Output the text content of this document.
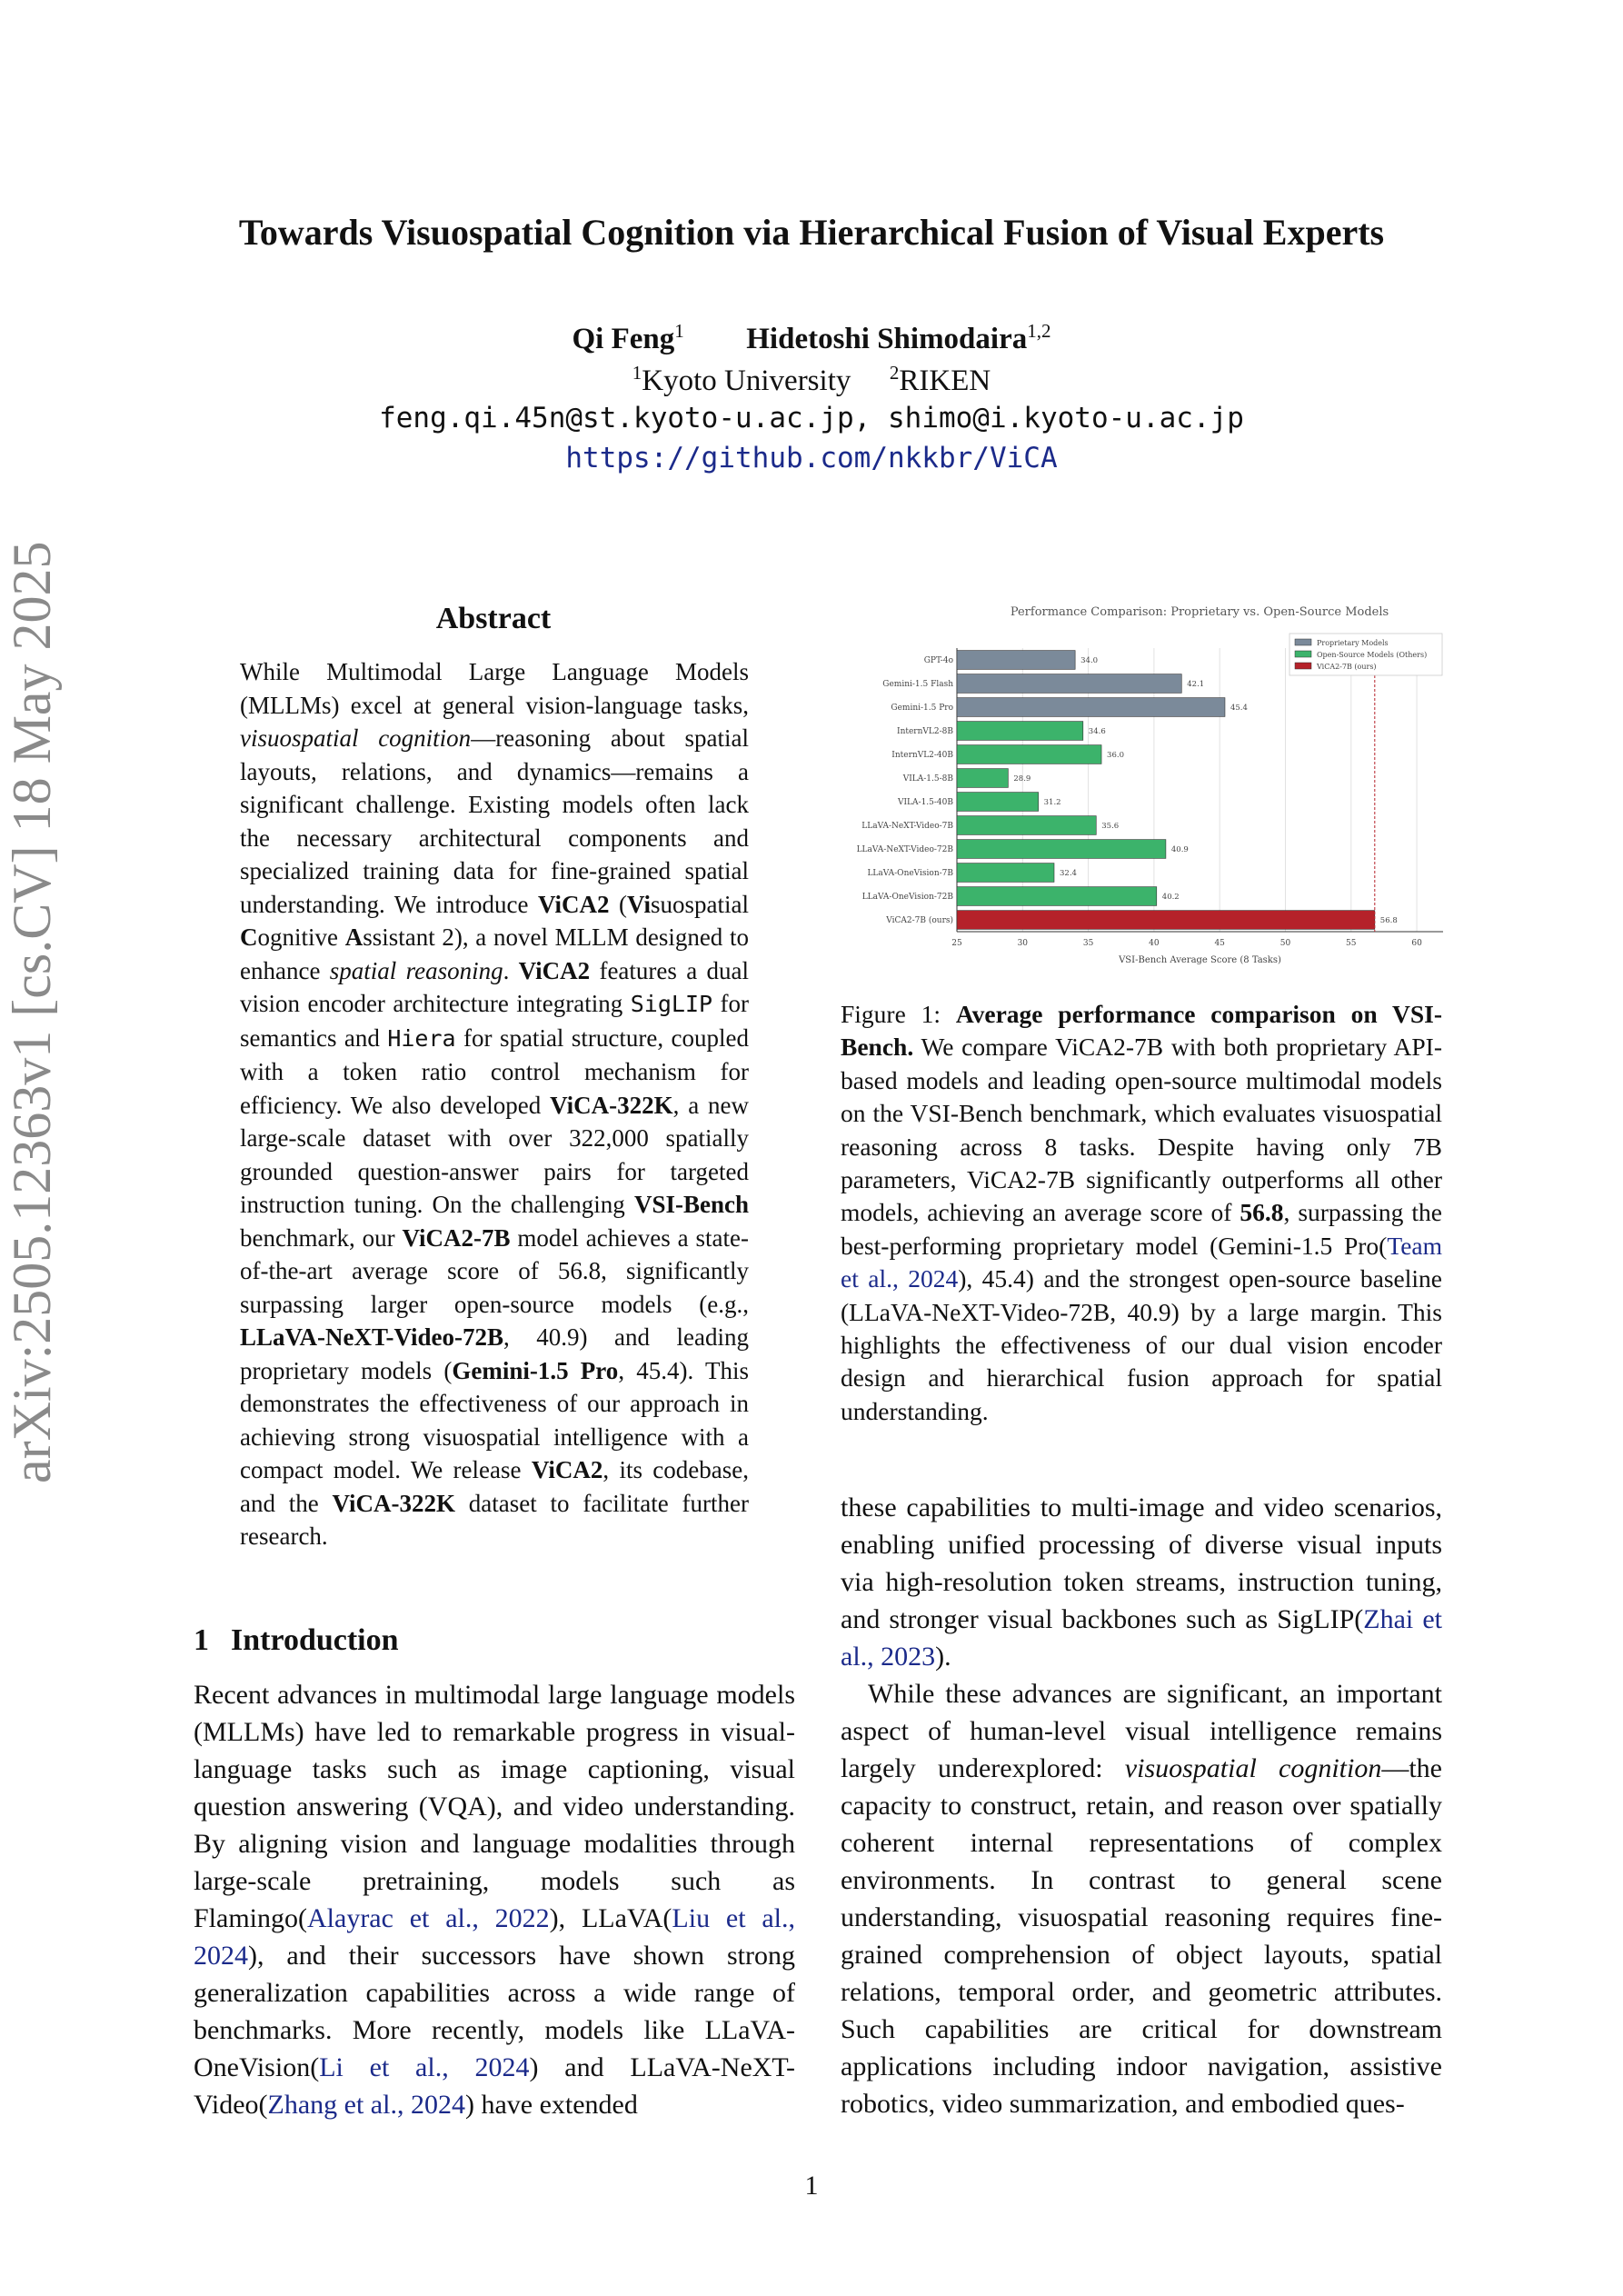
arXiv:2505.12363v1 [cs.CV] 18 May 2025
Towards Visuospatial Cognition via Hierarchical Fusion of Visual Experts
Qi Feng$^1$ Hidetoshi Shimodaira$^{1,2}$
$^1$Kyoto University $^2$RIKEN
feng.qi.45n@st.kyoto-u.ac.jp, shimo@i.kyoto-u.ac.jp
https://github.com/nkkbr/ViCA
Abstract
While Multimodal Large Language Models (MLLMs) excel at general vision-language tasks, visuospatial cognition—reasoning about spatial layouts, relations, and dynamics—remains a significant challenge. Existing models often lack the necessary architectural components and specialized training data for fine-grained spatial understanding. We introduce ViCA2 (Visuospatial Cognitive Assistant 2), a novel MLLM designed to enhance spatial reasoning. ViCA2 features a dual vision encoder architecture integrating SigLIP for semantics and Hiera for spatial structure, coupled with a token ratio control mechanism for efficiency. We also developed ViCA-322K, a new large-scale dataset with over 322,000 spatially grounded question-answer pairs for targeted instruction tuning. On the challenging VSI-Bench benchmark, our ViCA2-7B model achieves a state-of-the-art average score of 56.8, significantly surpassing larger open-source models (e.g., LLaVA-NeXT-Video-72B, 40.9) and leading proprietary models (Gemini-1.5 Pro, 45.4). This demonstrates the effectiveness of our approach in achieving strong visuospatial intelligence with a compact model. We release ViCA2, its codebase, and the ViCA-322K dataset to facilitate further research.
1 Introduction
Recent advances in multimodal large language models (MLLMs) have led to remarkable progress in visual-language tasks such as image captioning, visual question answering (VQA), and video understanding. By aligning vision and language modalities through large-scale pretraining, models such as Flamingo(Alayrac et al., 2022), LLaVA(Liu et al., 2024), and their successors have shown strong generalization capabilities across a wide range of benchmarks. More recently, models like LLaVA-OneVision(Li et al., 2024) and LLaVA-NeXT-Video(Zhang et al., 2024) have extended
these capabilities to multi-image and video scenarios, enabling unified processing of diverse visual inputs via high-resolution token streams, instruction tuning, and stronger visual backbones such as SigLIP(Zhai et al., 2023).
While these advances are significant, an important aspect of human-level visual intelligence remains largely underexplored: visuospatial cognition—the capacity to construct, retain, and reason over spatially coherent internal representations of complex environments. In contrast to general scene understanding, visuospatial reasoning requires fine-grained comprehension of object layouts, spatial relations, temporal order, and geometric attributes. Such capabilities are critical for downstream applications including indoor navigation, assistive robotics, video summarization, and embodied ques-
Figure 1: Average performance comparison on VSI-Bench. We compare ViCA2-7B with both proprietary API-based models and leading open-source multimodal models on the VSI-Bench benchmark, which evaluates visuospatial reasoning across 8 tasks. Despite having only 7B parameters, ViCA2-7B significantly outperforms all other models, achieving an average score of 56.8, surpassing the best-performing proprietary model (Gemini-1.5 Pro(Team et al., 2024), 45.4) and the strongest open-source baseline (LLaVA-NeXT-Video-72B, 40.9) by a large margin. This highlights the effectiveness of our dual vision encoder design and hierarchical fusion approach for spatial understanding.
Performance Comparison: Proprietary vs. Open-Source Models
25	30	35	40	45	50	55	60
VSI-Bench Average Score (8 Tasks)
GPT-4o	34.0
Gemini-1.5 Flash	42.1
Gemini-1.5 Pro	45.4
InternVL2-8B	34.6
InternVL2-40B	36.0
VILA-1.5-8B	28.9
VILA-1.5-40B	31.2
LLaVA-NeXT-Video-7B	35.6
LLaVA-NeXT-Video-72B	40.9
LLaVA-OneVision-7B	32.4
LLaVA-OneVision-72B	40.2
ViCA2-7B (ours)	56.8
Proprietary Models
Open-Source Models (Others)
ViCA2-7B (ours)
1
